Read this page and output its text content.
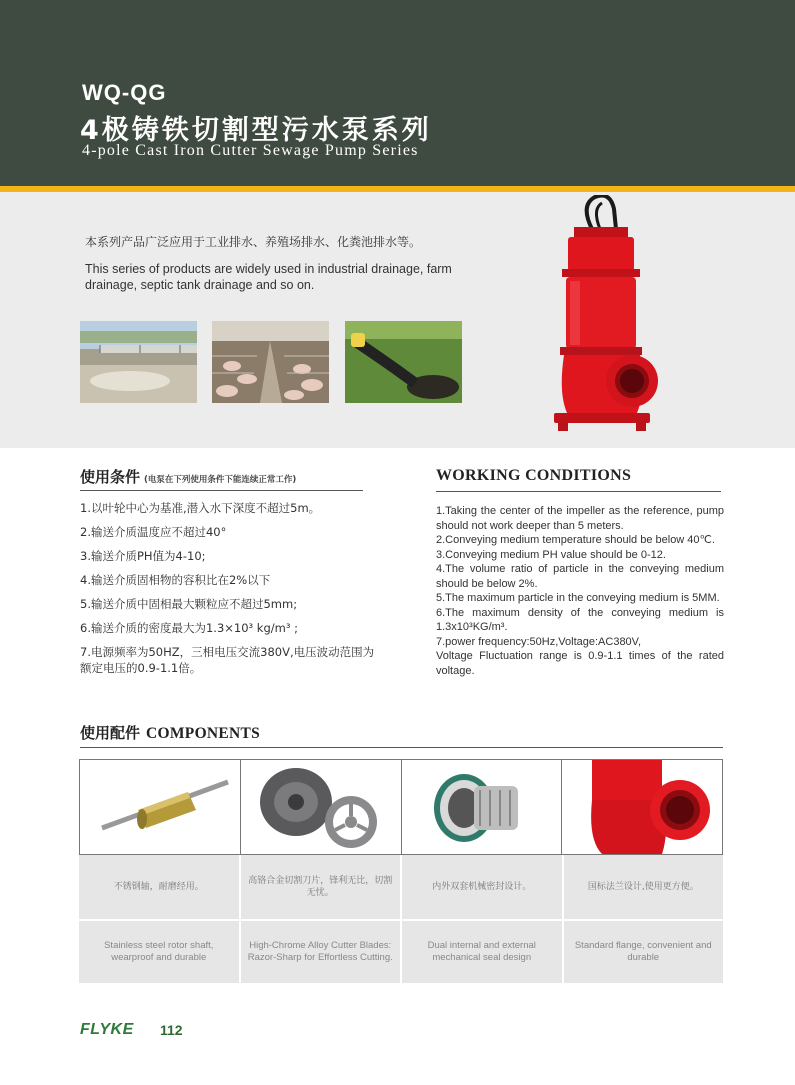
WQ-QG
4极铸铁切割型污水泵系列
4-pole Cast Iron Cutter Sewage Pump Series
本系列产品广泛应用于工业排水、养殖场排水、化粪池排水等。
This series of products are widely used in industrial drainage, farm drainage, septic tank drainage and so on.
使用条件 (电泵在下列使用条件下能连续正常工作)
1.以叶轮中心为基准,潜入水下深度不超过5m。
2.输送介质温度应不超过40°
3.输送介质PH值为4-10;
4.输送介质固相物的容积比在2%以下
5.输送介质中固相最大颗粒应不超过5mm;
6.输送介质的密度最大为1.3×10³ kg/m³ ;
7.电源频率为50HZ，三相电压交流380V,电压波动范围为额定电压的0.9-1.1倍。
WORKING CONDITIONS
1.Taking the center of the impeller as the reference, pump should not work deeper than 5 meters.
2.Conveying medium temperature should be below 40℃.
3.Conveying medium PH value should be 0-12.
4.The volume ratio of particle in the conveying medium should be below 2%.
5.The maximum particle in the conveying medium is 5MM.
6.The maximum density of the conveying medium is 1.3x10³KG/m³.
7.power frequency:50Hz,Voltage:AC380V,
Voltage Fluctuation range is 0.9-1.1 times of the rated voltage.
使用配件 COMPONENTS
不锈钢轴，耐磨经用。
高铬合金切割刀片，锋利无比，切割无忧。
内外双套机械密封设计。	国标法兰设计,使用更方便。
Stainless steel rotor shaft, wearproof and durable
High-Chrome Alloy Cutter Blades: Razor-Sharp for Effortless Cutting.
Dual internal and external mechanical seal design
Standard flange, convenient and durable
FLYKE 112
